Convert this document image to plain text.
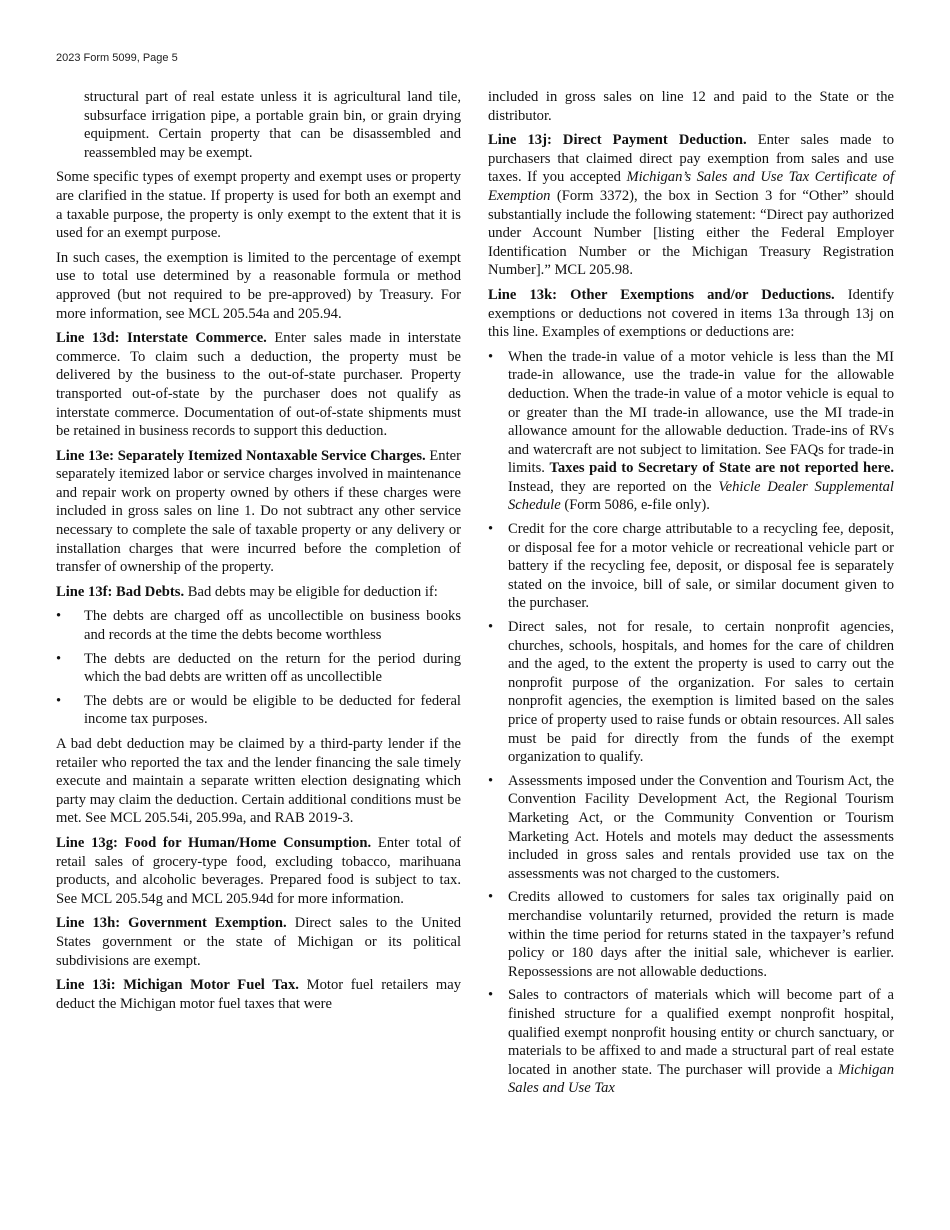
2023 Form 5099, Page 5

structural part of real estate unless it is agricultural land tile, subsurface irrigation pipe, a portable grain bin, or grain drying equipment. Certain property that can be disassembled and reassembled may be exempt.

Some specific types of exempt property and exempt uses or property are clarified in the statue. If property is used for both an exempt and a taxable purpose, the property is only exempt to the extent that it is used for an exempt purpose.

In such cases, the exemption is limited to the percentage of exempt use to total use determined by a reasonable formula or method approved (but not required to be pre-approved) by Treasury. For more information, see MCL 205.54a and 205.94.

Line 13d: Interstate Commerce. Enter sales made in interstate commerce. To claim such a deduction, the property must be delivered by the business to the out-of-state purchaser. Property transported out-of-state by the purchaser does not qualify as interstate commerce. Documentation of out-of-state shipments must be retained in business records to support this deduction.

Line 13e: Separately Itemized Nontaxable Service Charges. Enter separately itemized labor or service charges involved in maintenance and repair work on property owned by others if these charges were included in gross sales on line 1. Do not subtract any other service necessary to complete the sale of taxable property or any delivery or installation charges that were incurred before the completion of transfer of ownership of the property.

Line 13f: Bad Debts. Bad debts may be eligible for deduction if:

• The debts are charged off as uncollectible on business books and records at the time the debts become worthless
• The debts are deducted on the return for the period during which the bad debts are written off as uncollectible
• The debts are or would be eligible to be deducted for federal income tax purposes.

A bad debt deduction may be claimed by a third-party lender if the retailer who reported the tax and the lender financing the sale timely execute and maintain a separate written election designating which party may claim the deduction. Certain additional conditions must be met. See MCL 205.54i, 205.99a, and RAB 2019-3.

Line 13g: Food for Human/Home Consumption. Enter total of retail sales of grocery-type food, excluding tobacco, marihuana products, and alcoholic beverages. Prepared food is subject to tax. See MCL 205.54g and MCL 205.94d for more information.

Line 13h: Government Exemption. Direct sales to the United States government or the state of Michigan or its political subdivisions are exempt.

Line 13i: Michigan Motor Fuel Tax. Motor fuel retailers may deduct the Michigan motor fuel taxes that were

included in gross sales on line 12 and paid to the State or the distributor.

Line 13j: Direct Payment Deduction. Enter sales made to purchasers that claimed direct pay exemption from sales and use taxes. If you accepted Michigan’s Sales and Use Tax Certificate of Exemption (Form 3372), the box in Section 3 for “Other” should substantially include the following statement: “Direct pay authorized under Account Number [listing either the Federal Employer Identification Number or the Michigan Treasury Registration Number].” MCL 205.98.

Line 13k: Other Exemptions and/or Deductions. Identify exemptions or deductions not covered in items 13a through 13j on this line. Examples of exemptions or deductions are:

• When the trade-in value of a motor vehicle is less than the MI trade-in allowance, use the trade-in value for the allowable deduction. When the trade-in value of a motor vehicle is equal to or greater than the MI trade-in allowance, use the MI trade-in allowance amount for the allowable deduction. Trade-ins of RVs and watercraft are not subject to limitation. See FAQs for trade-in limits. Taxes paid to Secretary of State are not reported here. Instead, they are reported on the Vehicle Dealer Supplemental Schedule (Form 5086, e-file only).
• Credit for the core charge attributable to a recycling fee, deposit, or disposal fee for a motor vehicle or recreational vehicle part or battery if the recycling fee, deposit, or disposal fee is separately stated on the invoice, bill of sale, or similar document given to the purchaser.
• Direct sales, not for resale, to certain nonprofit agencies, churches, schools, hospitals, and homes for the care of children and the aged, to the extent the property is used to carry out the nonprofit purpose of the organization. For sales to certain nonprofit agencies, the exemption is limited based on the sales price of property used to raise funds or obtain resources. All sales must be paid for directly from the funds of the exempt organization to qualify.
• Assessments imposed under the Convention and Tourism Act, the Convention Facility Development Act, the Regional Tourism Marketing Act, or the Community Convention or Tourism Marketing Act. Hotels and motels may deduct the assessments included in gross sales and rentals provided use tax on the assessments was not charged to the customers.
• Credits allowed to customers for sales tax originally paid on merchandise voluntarily returned, provided the return is made within the time period for returns stated in the taxpayer’s refund policy or 180 days after the initial sale, whichever is earlier. Repossessions are not allowable deductions.
• Sales to contractors of materials which will become part of a finished structure for a qualified exempt nonprofit hospital, qualified exempt nonprofit housing entity or church sanctuary, or materials to be affixed to and made a structural part of real estate located in another state. The purchaser will provide a Michigan Sales and Use Tax
